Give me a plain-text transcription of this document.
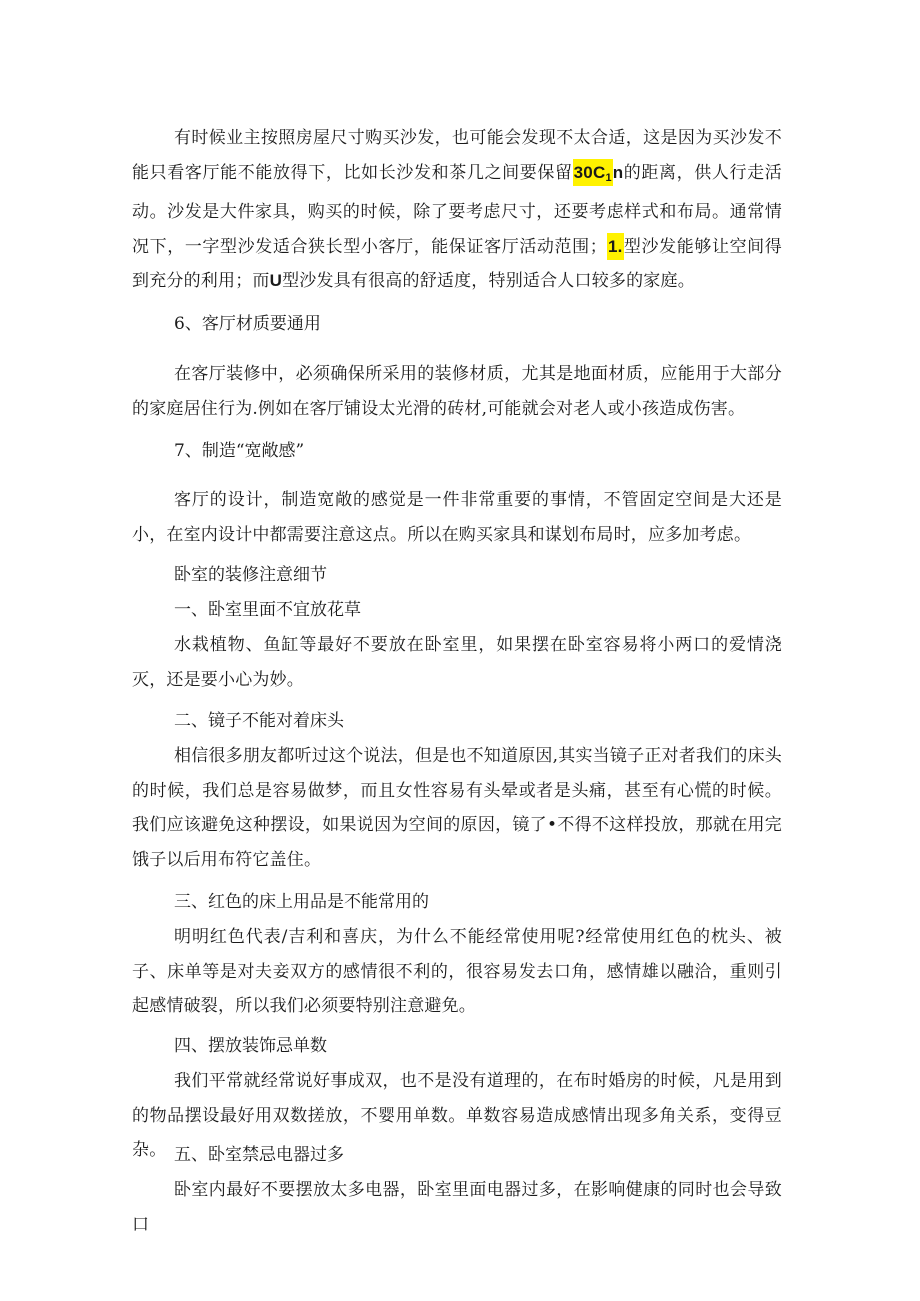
有时候业主按照房屋尺寸购买沙发，也可能会发现不太合适，这是因为买沙发不能只看客厅能不能放得下，比如长沙发和茶几之间要保留$30C_1n$的距离，供人行走活动。沙发是大件家具，购买的时候，除了要考虑尺寸，还要考虑样式和布局。通常情况下，一字型沙发适合狭长型小客厅，能保证客厅活动范围；1.型沙发能够让空间得到充分的利用；而U型沙发具有很高的舒适度，特别适合人口较多的家庭。

6、客厅材质要通用

在客厅装修中，必须确保所采用的装修材质，尤其是地面材质，应能用于大部分的家庭居住行为.例如在客厅铺设太光滑的砖材,可能就会对老人或小孩造成伤害。

7、制造“宽敞感”

客厅的设计，制造宽敞的感觉是一件非常重要的事情，不管固定空间是大还是小，在室内设计中都需要注意这点。所以在购买家具和谋划布局时，应多加考虑。

卧室的装修注意细节

一、卧室里面不宜放花草

水栽植物、鱼缸等最好不要放在卧室里，如果摆在卧室容易将小两口的爱情浇灭，还是要小心为妙。

二、镜子不能对着床头

相信很多朋友都听过这个说法，但是也不知道原因,其实当镜子正对者我们的床头的时候，我们总是容易做梦，而且女性容易有头晕或者是头痛，甚至有心慌的时候。我们应该避免这种摆设，如果说因为空间的原因，镜了•不得不这样投放，那就在用完饿子以后用布符它盖住。

三、红色的床上用品是不能常用的

明明红色代表/吉利和喜庆，为什么不能经常使用呢?经常使用红色的枕头、被子、床单等是对夫妾双方的感情很不利的，很容易发去口角，感情雄以融洽，重则引起感情破裂，所以我们必须要特别注意避免。

四、摆放装饰忌单数

我们平常就经常说好事成双，也不是没有道理的，在布时婚房的时候，凡是用到的物品摆设最好用双数搓放，不婴用单数。单数容易造成感情出现多角关系，变得豆杂。 五、卧室禁忌电器过多

卧室内最好不要摆放太多电器，卧室里面电器过多，在影响健康的同时也会导致口
